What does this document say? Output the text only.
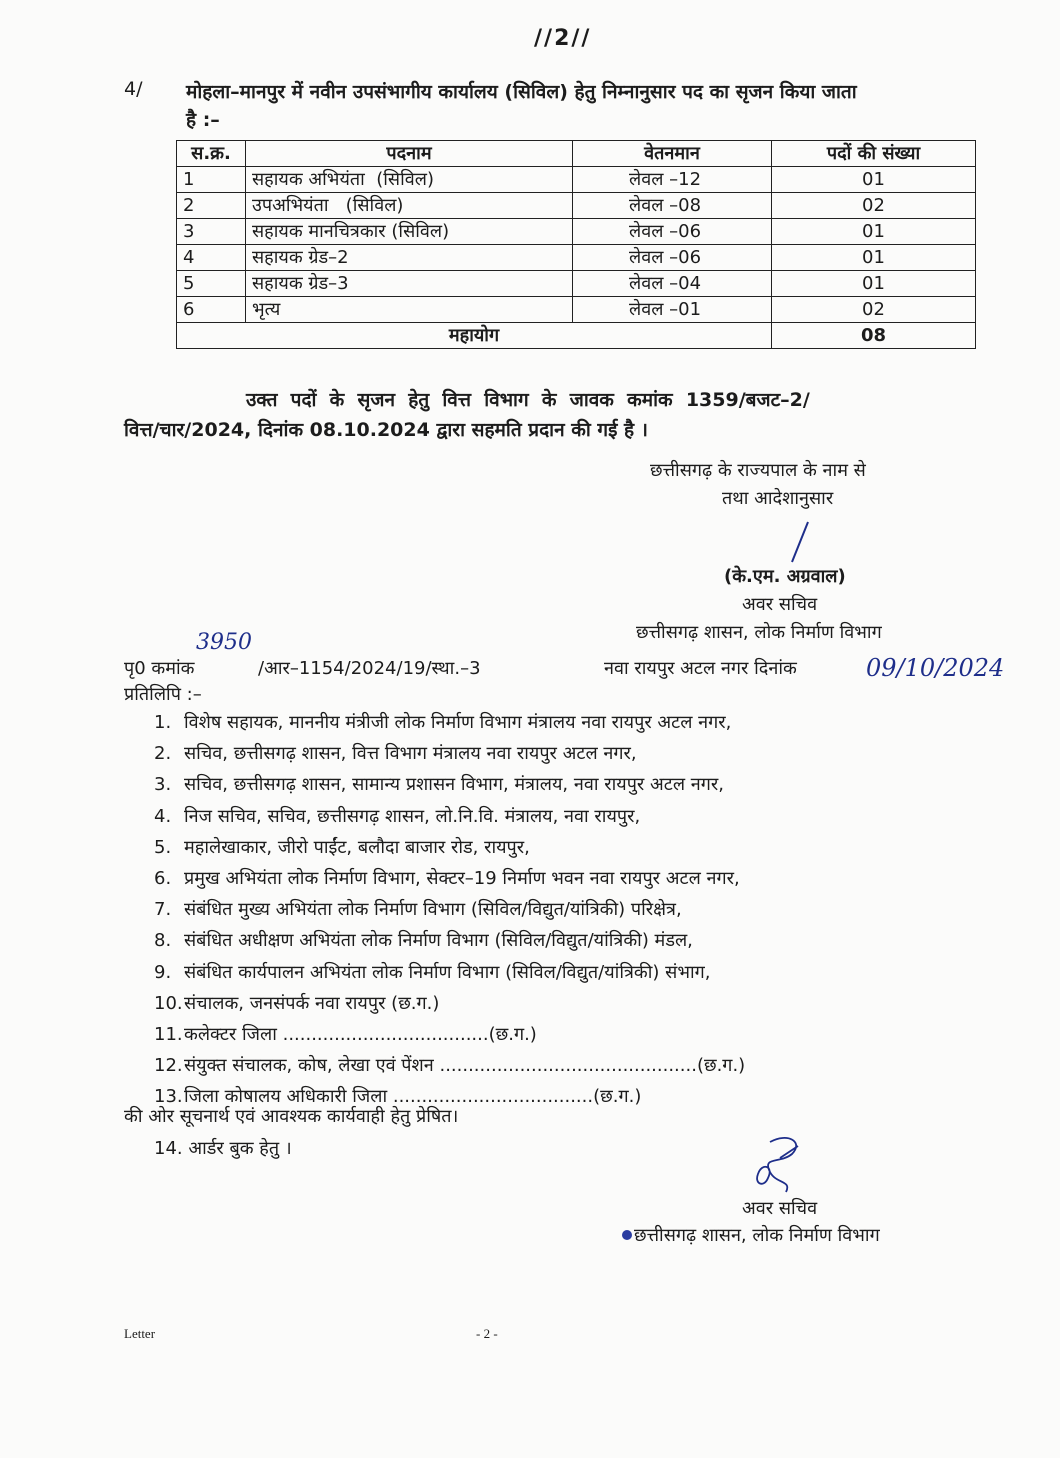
//2//
4/ मोहला–मानपुर में नवीन उपसंभागीय कार्यालय (सिविल) हेतु निम्नानुसार पद का सृजन किया जाता
है :–
स.क्र.	पदनाम	वेतनमान	पदों की संख्या
1	सहायक अभियंता  (सिविल)	लेवल –12	01
2	उपअभियंता   (सिविल)	लेवल –08	02
3	सहायक मानचित्रकार (सिविल)	लेवल –06	01
4	सहायक ग्रेड–2	लेवल –06	01
5	सहायक ग्रेड–3	लेवल –04	01
6	भृत्य	लेवल –01	02
महायोग			08
उक्त  पदों  के  सृजन  हेतु  वित्त  विभाग  के  जावक  कमांक  1359/बजट–2/
वित्त/चार/2024, दिनांक 08.10.2024 द्वारा सहमति प्रदान की गई है ।
छत्तीसगढ़ के राज्यपाल के नाम से
तथा आदेशानुसार
(के.एम. अग्रवाल)
अवर सचिव
छत्तीसगढ़ शासन, लोक निर्माण विभाग
3950
पृ0 कमांक	/आर–1154/2024/19/स्था.–3	नवा रायपुर अटल नगर दिनांक	09/10/2024
प्रतिलिपि :–
1. विशेष सहायक, माननीय मंत्रीजी लोक निर्माण विभाग मंत्रालय नवा रायपुर अटल नगर,
2. सचिव, छत्तीसगढ़ शासन, वित्त विभाग मंत्रालय नवा रायपुर अटल नगर,
3. सचिव, छत्तीसगढ़ शासन, सामान्य प्रशासन विभाग, मंत्रालय, नवा रायपुर अटल नगर,
4. निज सचिव, सचिव, छत्तीसगढ़ शासन, लो.नि.वि. मंत्रालय, नवा रायपुर,
5. महालेखाकार, जीरो पाईंट, बलौदा बाजार रोड, रायपुर,
6. प्रमुख अभियंता लोक निर्माण विभाग, सेक्टर–19 निर्माण भवन नवा रायपुर अटल नगर,
7. संबंधित मुख्य अभियंता लोक निर्माण विभाग (सिविल/विद्युत/यांत्रिकी) परिक्षेत्र,
8. संबंधित अधीक्षण अभियंता लोक निर्माण विभाग (सिविल/विद्युत/यांत्रिकी) मंडल,
9. संबंधित कार्यपालन अभियंता लोक निर्माण विभाग (सिविल/विद्युत/यांत्रिकी) संभाग,
10.संचालक, जनसंपर्क नवा रायपुर (छ.ग.)
11.कलेक्टर जिला ....................................(छ.ग.)
12.संयुक्त संचालक, कोष, लेखा एवं पेंशन .............................................(छ.ग.)
13.जिला कोषालय अधिकारी जिला ...................................(छ.ग.)
की ओर सूचनार्थ एवं आवश्यक कार्यवाही हेतु प्रेषित।
14. आर्डर बुक हेतु ।
अवर सचिव
छत्तीसगढ़ शासन, लोक निर्माण विभाग
Letter	- 2 -
